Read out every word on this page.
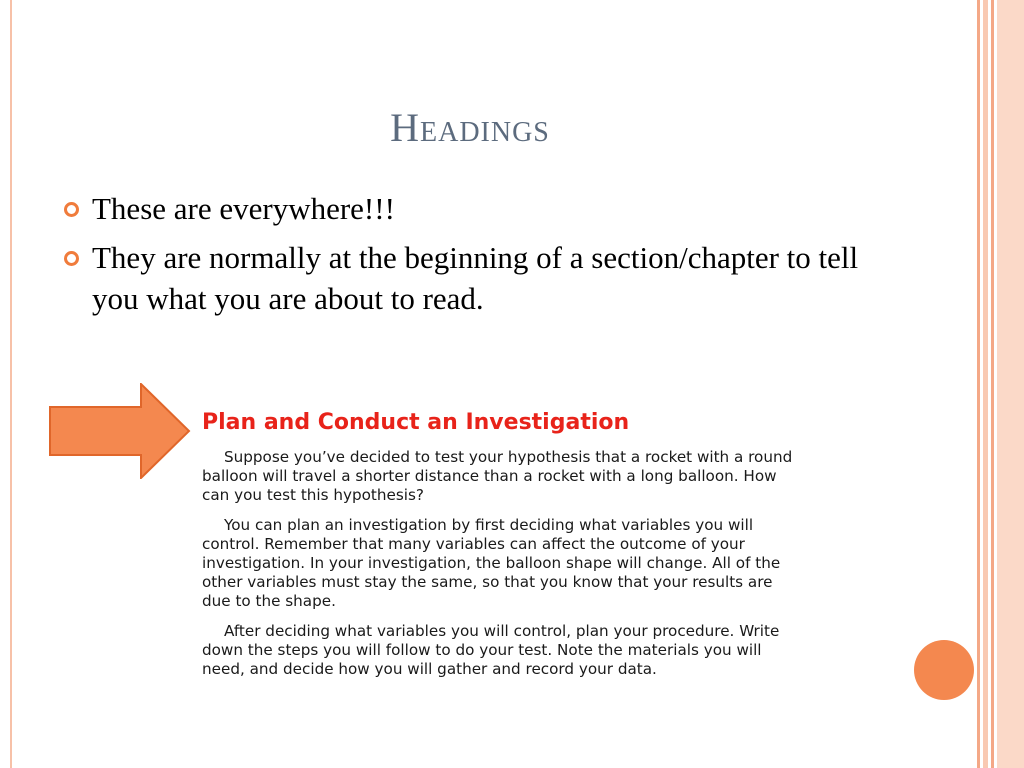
Headings
These are everywhere!!!
They are normally at the beginning of a section/chapter to tell you what you are about to read.
Plan and Conduct an Investigation

Suppose you’ve decided to test your hypothesis that a rocket with a round balloon will travel a shorter distance than a rocket with a long balloon. How can you test this hypothesis?

You can plan an investigation by first deciding what variables you will control. Remember that many variables can affect the outcome of your investigation. In your investigation, the balloon shape will change. All of the other variables must stay the same, so that you know that your results are due to the shape.

After deciding what variables you will control, plan your procedure. Write down the steps you will follow to do your test. Note the materials you will need, and decide how you will gather and record your data.
